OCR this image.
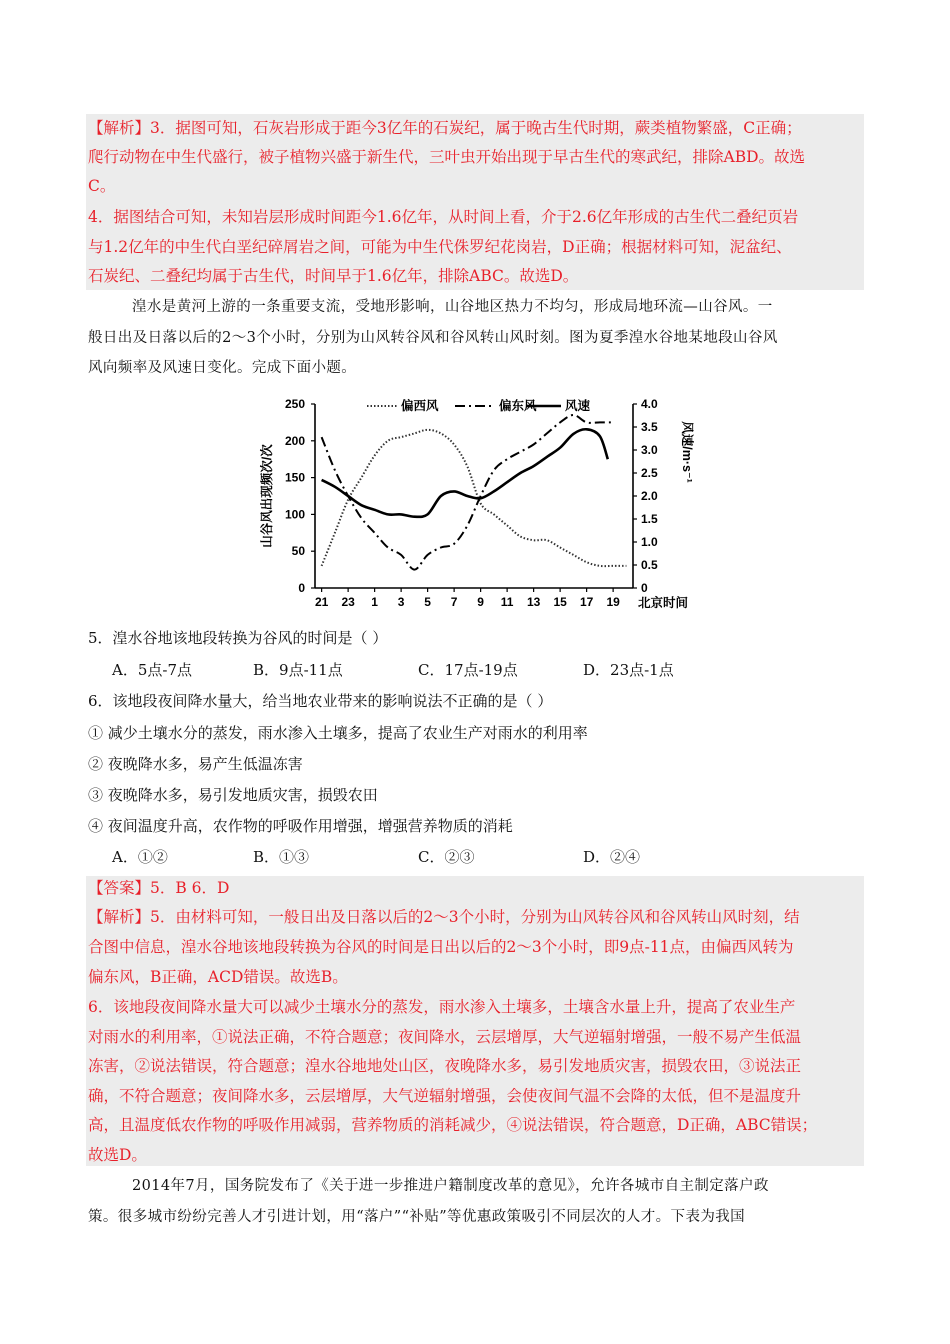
【解析】3．据图可知，石灰岩形成于距今3亿年的石炭纪，属于晚古生代时期，蕨类植物繁盛，C正确；
爬行动物在中生代盛行，被子植物兴盛于新生代，三叶虫开始出现于早古生代的寒武纪，排除ABD。故选
C。
4．据图结合可知，未知岩层形成时间距今1.6亿年，从时间上看，介于2.6亿年形成的古生代二叠纪页岩
与1.2亿年的中生代白垩纪碎屑岩之间，可能为中生代侏罗纪花岗岩，D正确；根据材料可知，泥盆纪、
石炭纪、二叠纪均属于古生代，时间早于1.6亿年，排除ABC。故选D。
湟水是黄河上游的一条重要支流，受地形影响，山谷地区热力不均匀，形成局地环流—山谷风。一
般日出及日落以后的2～3个小时，分别为山风转谷风和谷风转山风时刻。图为夏季湟水谷地某地段山谷风
风向频率及风速日变化。完成下面小题。
0
50
100
150
200
250
0
0.5
1.0
1.5
2.0
2.5
3.0
3.5
4.0
21 23 1 3 5 7 9 11 13 15 17 19 北京时间
山谷风出现频次/次	风速/m·s⁻¹
偏西风	偏东风 风速
5．湟水谷地该地段转换为谷风的时间是（ ）
A．5点-7点	B．9点-11点	C．17点-19点	D．23点-1点
6．该地段夜间降水量大，给当地农业带来的影响说法不正确的是（ ）
① 减少土壤水分的蒸发，雨水渗入土壤多，提高了农业生产对雨水的利用率
② 夜晚降水多，易产生低温冻害
③ 夜晚降水多，易引发地质灾害，损毁农田
④ 夜间温度升高，农作物的呼吸作用增强，增强营养物质的消耗
A．①②	B．①③	C．②③	D．②④
【答案】5．B 6．D
【解析】5．由材料可知，一般日出及日落以后的2～3个小时，分别为山风转谷风和谷风转山风时刻，结
合图中信息，湟水谷地该地段转换为谷风的时间是日出以后的2～3个小时，即9点-11点，由偏西风转为
偏东风，B正确，ACD错误。故选B。
6．该地段夜间降水量大可以减少土壤水分的蒸发，雨水渗入土壤多，土壤含水量上升，提高了农业生产
对雨水的利用率，①说法正确，不符合题意；夜间降水，云层增厚，大气逆辐射增强，一般不易产生低温
冻害，②说法错误，符合题意；湟水谷地地处山区，夜晚降水多，易引发地质灾害，损毁农田，③说法正
确，不符合题意；夜间降水多，云层增厚，大气逆辐射增强，会使夜间气温不会降的太低，但不是温度升
高，且温度低农作物的呼吸作用减弱，营养物质的消耗减少，④说法错误，符合题意，D正确，ABC错误；
故选D。
2014年7月，国务院发布了《关于进一步推进户籍制度改革的意见》，允许各城市自主制定落户政
策。很多城市纷纷完善人才引进计划，用“落户”“补贴”等优惠政策吸引不同层次的人才。下表为我国
